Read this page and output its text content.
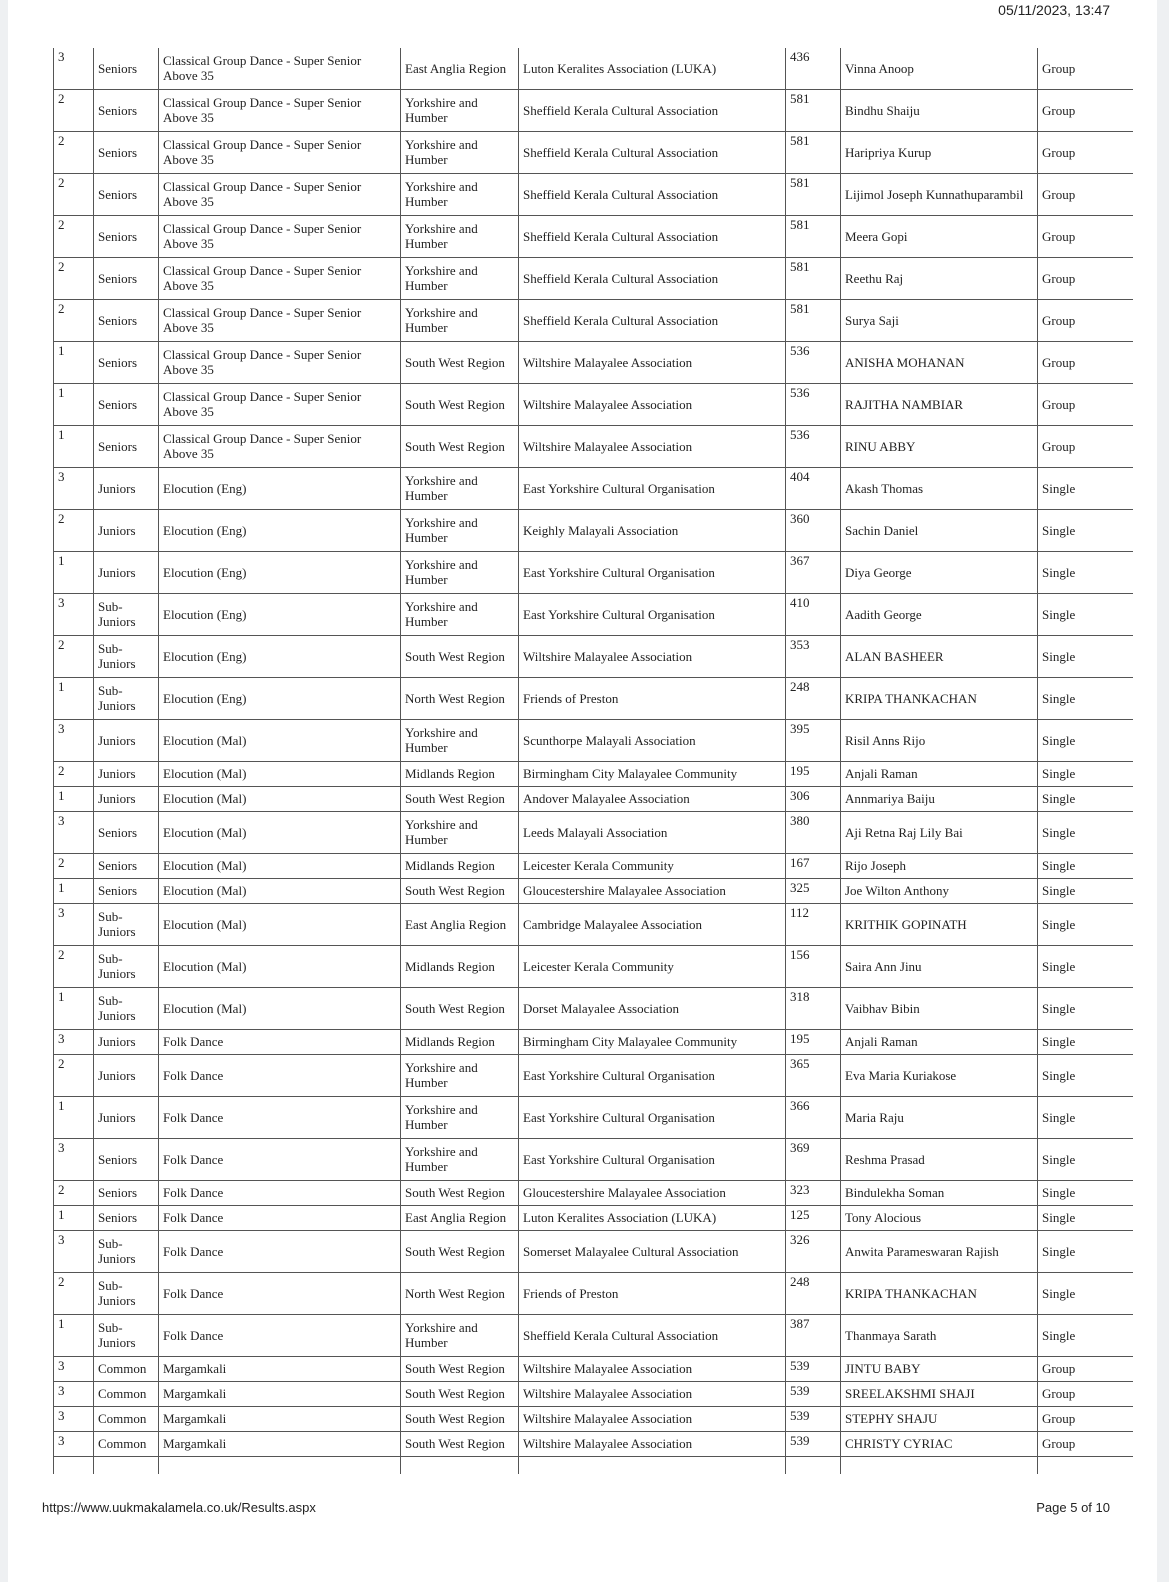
05/11/2023, 13:47
3	Seniors	Classical Group Dance - Super Senior Above 35	East Anglia Region	Luton Keralites Association (LUKA)	436	Vinna Anoop	Group
2	Seniors	Classical Group Dance - Super Senior Above 35	Yorkshire and Humber	Sheffield Kerala Cultural Association	581	Bindhu Shaiju	Group
2	Seniors	Classical Group Dance - Super Senior Above 35	Yorkshire and Humber	Sheffield Kerala Cultural Association	581	Haripriya Kurup	Group
2	Seniors	Classical Group Dance - Super Senior Above 35	Yorkshire and Humber	Sheffield Kerala Cultural Association	581	Lijimol Joseph Kunnathuparambil	Group
2	Seniors	Classical Group Dance - Super Senior Above 35	Yorkshire and Humber	Sheffield Kerala Cultural Association	581	Meera Gopi	Group
2	Seniors	Classical Group Dance - Super Senior Above 35	Yorkshire and Humber	Sheffield Kerala Cultural Association	581	Reethu Raj	Group
2	Seniors	Classical Group Dance - Super Senior Above 35	Yorkshire and Humber	Sheffield Kerala Cultural Association	581	Surya Saji	Group
1	Seniors	Classical Group Dance - Super Senior Above 35	South West Region	Wiltshire Malayalee Association	536	ANISHA MOHANAN	Group
1	Seniors	Classical Group Dance - Super Senior Above 35	South West Region	Wiltshire Malayalee Association	536	RAJITHA NAMBIAR	Group
1	Seniors	Classical Group Dance - Super Senior Above 35	South West Region	Wiltshire Malayalee Association	536	RINU ABBY	Group
3	Juniors	Elocution (Eng)	Yorkshire and Humber	East Yorkshire Cultural Organisation	404	Akash Thomas	Single
2	Juniors	Elocution (Eng)	Yorkshire and Humber	Keighly Malayali Association	360	Sachin Daniel	Single
1	Juniors	Elocution (Eng)	Yorkshire and Humber	East Yorkshire Cultural Organisation	367	Diya George	Single
3	Sub-Juniors	Elocution (Eng)	Yorkshire and Humber	East Yorkshire Cultural Organisation	410	Aadith George	Single
2	Sub-Juniors	Elocution (Eng)	South West Region	Wiltshire Malayalee Association	353	ALAN BASHEER	Single
1	Sub-Juniors	Elocution (Eng)	North West Region	Friends of Preston	248	KRIPA THANKACHAN	Single
3	Juniors	Elocution (Mal)	Yorkshire and Humber	Scunthorpe Malayali Association	395	Risil Anns Rijo	Single
2	Juniors	Elocution (Mal)	Midlands Region	Birmingham City Malayalee Community	195	Anjali Raman	Single
1	Juniors	Elocution (Mal)	South West Region	Andover Malayalee Association	306	Annmariya Baiju	Single
3	Seniors	Elocution (Mal)	Yorkshire and Humber	Leeds Malayali Association	380	Aji Retna Raj Lily Bai	Single
2	Seniors	Elocution (Mal)	Midlands Region	Leicester Kerala Community	167	Rijo Joseph	Single
1	Seniors	Elocution (Mal)	South West Region	Gloucestershire Malayalee Association	325	Joe Wilton Anthony	Single
3	Sub-Juniors	Elocution (Mal)	East Anglia Region	Cambridge Malayalee Association	112	KRITHIK GOPINATH	Single
2	Sub-Juniors	Elocution (Mal)	Midlands Region	Leicester Kerala Community	156	Saira Ann Jinu	Single
1	Sub-Juniors	Elocution (Mal)	South West Region	Dorset Malayalee Association	318	Vaibhav Bibin	Single
3	Juniors	Folk Dance	Midlands Region	Birmingham City Malayalee Community	195	Anjali Raman	Single
2	Juniors	Folk Dance	Yorkshire and Humber	East Yorkshire Cultural Organisation	365	Eva Maria Kuriakose	Single
1	Juniors	Folk Dance	Yorkshire and Humber	East Yorkshire Cultural Organisation	366	Maria Raju	Single
3	Seniors	Folk Dance	Yorkshire and Humber	East Yorkshire Cultural Organisation	369	Reshma Prasad	Single
2	Seniors	Folk Dance	South West Region	Gloucestershire Malayalee Association	323	Bindulekha Soman	Single
1	Seniors	Folk Dance	East Anglia Region	Luton Keralites Association (LUKA)	125	Tony Alocious	Single
3	Sub-Juniors	Folk Dance	South West Region	Somerset Malayalee Cultural Association	326	Anwita Parameswaran Rajish	Single
2	Sub-Juniors	Folk Dance	North West Region	Friends of Preston	248	KRIPA THANKACHAN	Single
1	Sub-Juniors	Folk Dance	Yorkshire and Humber	Sheffield Kerala Cultural Association	387	Thanmaya Sarath	Single
3	Common	Margamkali	South West Region	Wiltshire Malayalee Association	539	JINTU BABY	Group
3	Common	Margamkali	South West Region	Wiltshire Malayalee Association	539	SREELAKSHMI SHAJI	Group
3	Common	Margamkali	South West Region	Wiltshire Malayalee Association	539	STEPHY SHAJU	Group
3	Common	Margamkali	South West Region	Wiltshire Malayalee Association	539	CHRISTY CYRIAC	Group

https://www.uukmakalamela.co.uk/Results.aspx	Page 5 of 10
